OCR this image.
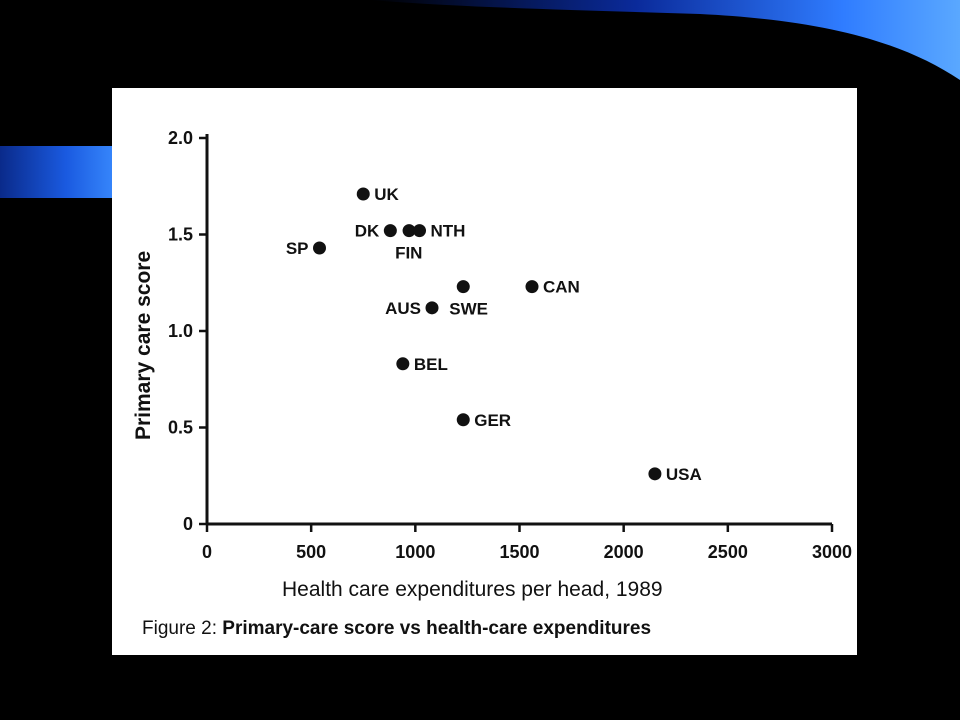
0	500	1000	1500	2000	2500	3000
0
0.5
1.0
1.5
2.0
UK
DK
FIN
NTH
SP
SWE
CAN
AUS
BEL
GER
USA
Health care expenditures per head, 1989
Primary care score
Figure 2: Primary-care score vs health-care expenditures
